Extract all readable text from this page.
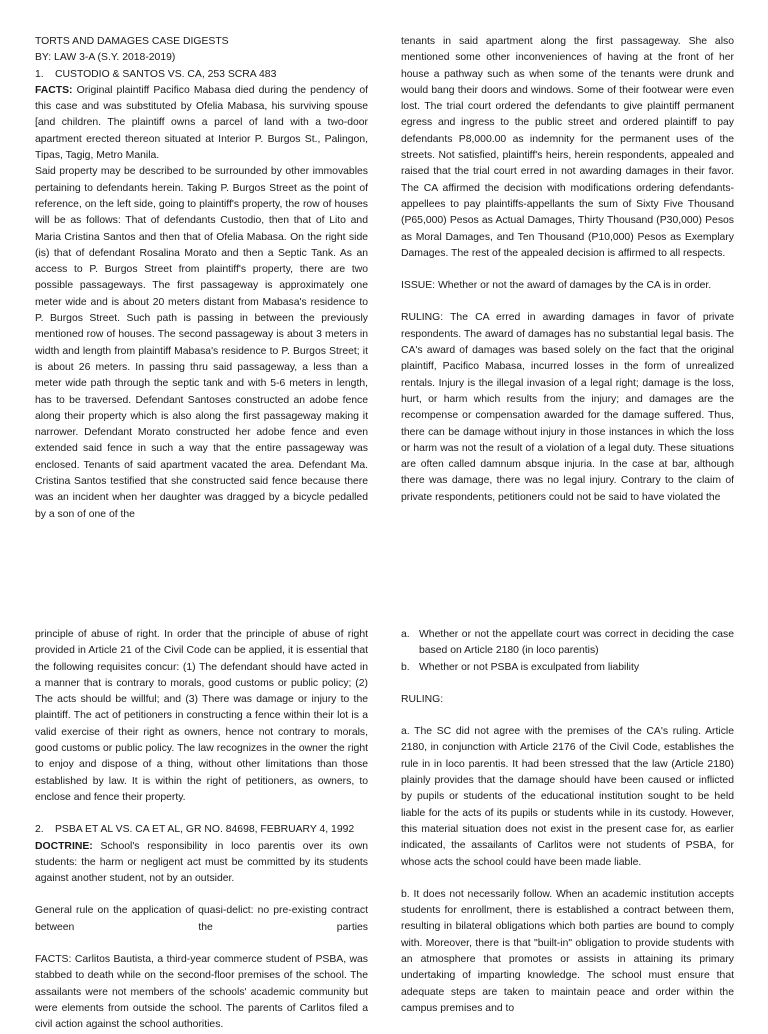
TORTS AND DAMAGES CASE DIGESTS

BY: LAW 3-A (S.Y. 2018-2019)

1. CUSTODIO & SANTOS VS. CA, 253 SCRA 483

FACTS: Original plaintiff Pacifico Mabasa died during the pendency of this case and was substituted by Ofelia Mabasa, his surviving spouse [and children. The plaintiff owns a parcel of land with a two-door apartment erected thereon situated at Interior P. Burgos St., Palingon, Tipas, Tagig, Metro Manila.

Said property may be described to be surrounded by other immovables pertaining to defendants herein. Taking P. Burgos Street as the point of reference, on the left side, going to plaintiff's property, the row of houses will be as follows: That of defendants Custodio, then that of Lito and Maria Cristina Santos and then that of Ofelia Mabasa. On the right side (is) that of defendant Rosalina Morato and then a Septic Tank. As an access to P. Burgos Street from plaintiff's property, there are two possible passageways. The first passageway is approximately one meter wide and is about 20 meters distant from Mabasa's residence to P. Burgos Street. Such path is passing in between the previously mentioned row of houses. The second passageway is about 3 meters in width and length from plaintiff Mabasa's residence to P. Burgos Street; it is about 26 meters. In passing thru said passageway, a less than a meter wide path through the septic tank and with 5-6 meters in length, has to be traversed. Defendant Santoses constructed an adobe fence along their property which is also along the first passageway making it narrower. Defendant Morato constructed her adobe fence and even extended said fence in such a way that the entire passageway was enclosed. Tenants of said apartment vacated the area. Defendant Ma. Cristina Santos testified that she constructed said fence because there was an incident when her daughter was dragged by a bicycle pedalled by a son of one of the

tenants in said apartment along the first passageway. She also mentioned some other inconveniences of having at the front of her house a pathway such as when some of the tenants were drunk and would bang their doors and windows. Some of their footwear were even lost. The trial court ordered the defendants to give plaintiff permanent egress and ingress to the public street and ordered plaintiff to pay defendants P8,000.00 as indemnity for the permanent uses of the streets. Not satisfied, plaintiff's heirs, herein respondents, appealed and raised that the trial court erred in not awarding damages in their favor. The CA affirmed the decision with modifications ordering defendants-appellees to pay plaintiffs-appellants the sum of Sixty Five Thousand (P65,000) Pesos as Actual Damages, Thirty Thousand (P30,000) Pesos as Moral Damages, and Ten Thousand (P10,000) Pesos as Exemplary Damages. The rest of the appealed decision is affirmed to all respects.

ISSUE: Whether or not the award of damages by the CA is in order.

RULING: The CA erred in awarding damages in favor of private respondents. The award of damages has no substantial legal basis. The CA's award of damages was based solely on the fact that the original plaintiff, Pacifico Mabasa, incurred losses in the form of unrealized rentals. Injury is the illegal invasion of a legal right; damage is the loss, hurt, or harm which results from the injury; and damages are the recompense or compensation awarded for the damage suffered. Thus, there can be damage without injury in those instances in which the loss or harm was not the result of a violation of a legal duty. These situations are often called damnum absque injuria. In the case at bar, although there was damage, there was no legal injury. Contrary to the claim of private respondents, petitioners could not be said to have violated the

principle of abuse of right. In order that the principle of abuse of right provided in Article 21 of the Civil Code can be applied, it is essential that the following requisites concur: (1) The defendant should have acted in a manner that is contrary to morals, good customs or public policy; (2) The acts should be willful; and (3) There was damage or injury to the plaintiff. The act of petitioners in constructing a fence within their lot is a valid exercise of their right as owners, hence not contrary to morals, good customs or public policy. The law recognizes in the owner the right to enjoy and dispose of a thing, without other limitations than those established by law. It is within the right of petitioners, as owners, to enclose and fence their property.

2. PSBA ET AL VS. CA ET AL, GR NO. 84698, FEBRUARY 4, 1992

DOCTRINE: School's responsibility in loco parentis over its own students: the harm or negligent act must be committed by its students against another student, not by an outsider.

General rule on the application of quasi-delict: no pre-existing contract between the parties

FACTS: Carlitos Bautista, a third-year commerce student of PSBA, was stabbed to death while on the second-floor premises of the school. The assailants were not members of the schools' academic community but were elements from outside the school. The parents of Carlitos filed a civil action against the school authorities.

a. Whether or not the appellate court was correct in deciding the case based on Article 2180 (in loco parentis)
b. Whether or not PSBA is exculpated from liability

RULING:

a. The SC did not agree with the premises of the CA's ruling. Article 2180, in conjunction with Article 2176 of the Civil Code, establishes the rule in in loco parentis. It had been stressed that the law (Article 2180) plainly provides that the damage should have been caused or inflicted by pupils or students of the educational institution sought to be held liable for the acts of its pupils or students while in its custody. However, this material situation does not exist in the present case for, as earlier indicated, the assailants of Carlitos were not students of PSBA, for whose acts the school could have been made liable.

b. It does not necessarily follow. When an academic institution accepts students for enrollment, there is established a contract between them, resulting in bilateral obligations which both parties are bound to comply with. Moreover, there is that "built-in" obligation to provide students with an atmosphere that promotes or assists in attaining its primary undertaking of imparting knowledge. The school must ensure that adequate steps are taken to maintain peace and order within the campus premises and to
